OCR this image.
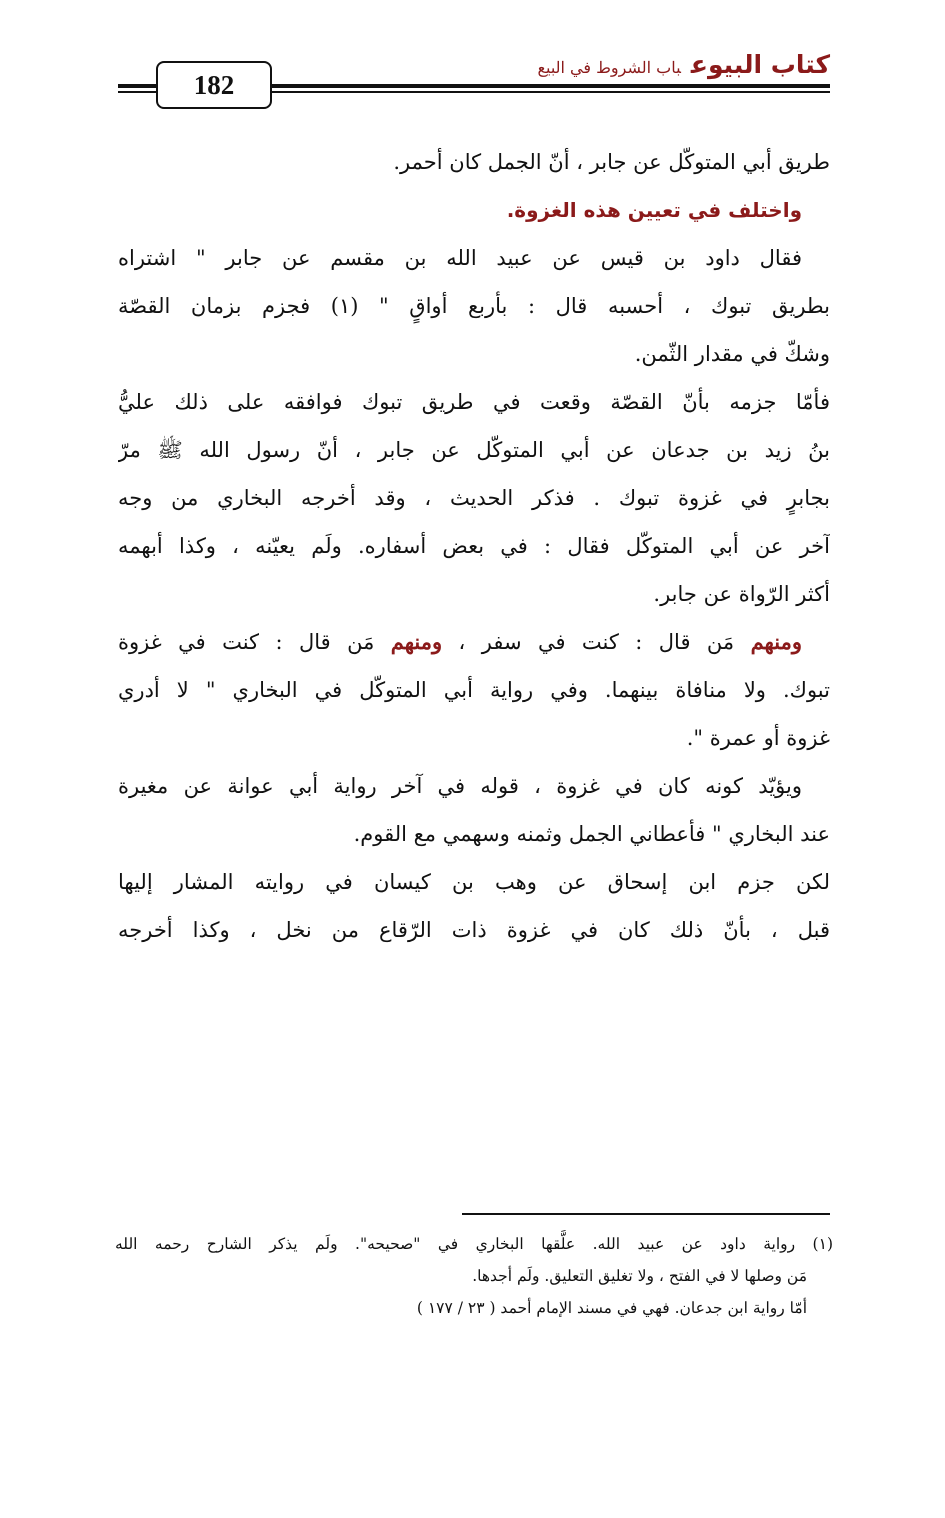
182
كتاب البيوعباب الشروط في البيع
طريق أبي المتوكّل عن جابر ، أنّ الجمل كان أحمر.
واختلف في تعيين هذه الغزوة.
فقال داود بن قيس عن عبيد الله بن مقسم عن جابر " اشتراه
بطريق تبوك ، أحسبه قال : بأربع أواقٍ " (١) فجزم بزمان القصّة
وشكّ في مقدار الثّمن.
فأمّا جزمه بأنّ القصّة وقعت في طريق تبوك فوافقه على ذلك عليُّ
بنُ زيد بن جدعان عن أبي المتوكّل عن جابر ، أنّ رسول الله ﷺ مرّ
بجابرٍ في غزوة تبوك . فذكر الحديث ، وقد أخرجه البخاري من وجه
آخر عن أبي المتوكّل فقال : في بعض أسفاره. ولَم يعيّنه ، وكذا أبهمه
أكثر الرّواة عن جابر.
ومنهم مَن قال : كنت في سفر ، ومنهم مَن قال : كنت في غزوة
تبوك. ولا منافاة بينهما. وفي رواية أبي المتوكّل في البخاري " لا أدري
غزوة أو عمرة ".
ويؤيّد كونه كان في غزوة ، قوله في آخر رواية أبي عوانة عن مغيرة
عند البخاري " فأعطاني الجمل وثمنه وسهمي مع القوم.
لكن جزم ابن إسحاق عن وهب بن كيسان في روايته المشار إليها
قبل ، بأنّ ذلك كان في غزوة ذات الرّقاع من نخل ، وكذا أخرجه
(١) رواية داود عن عبيد الله. علَّقها البخاري في "صحيحه". ولَم يذكر الشارح رحمه الله
مَن وصلها لا في الفتح ، ولا تغليق التعليق. ولَم أجدها.
أمّا رواية ابن جدعان. فهي في مسند الإمام أحمد ( ٢٣ / ١٧٧ )
